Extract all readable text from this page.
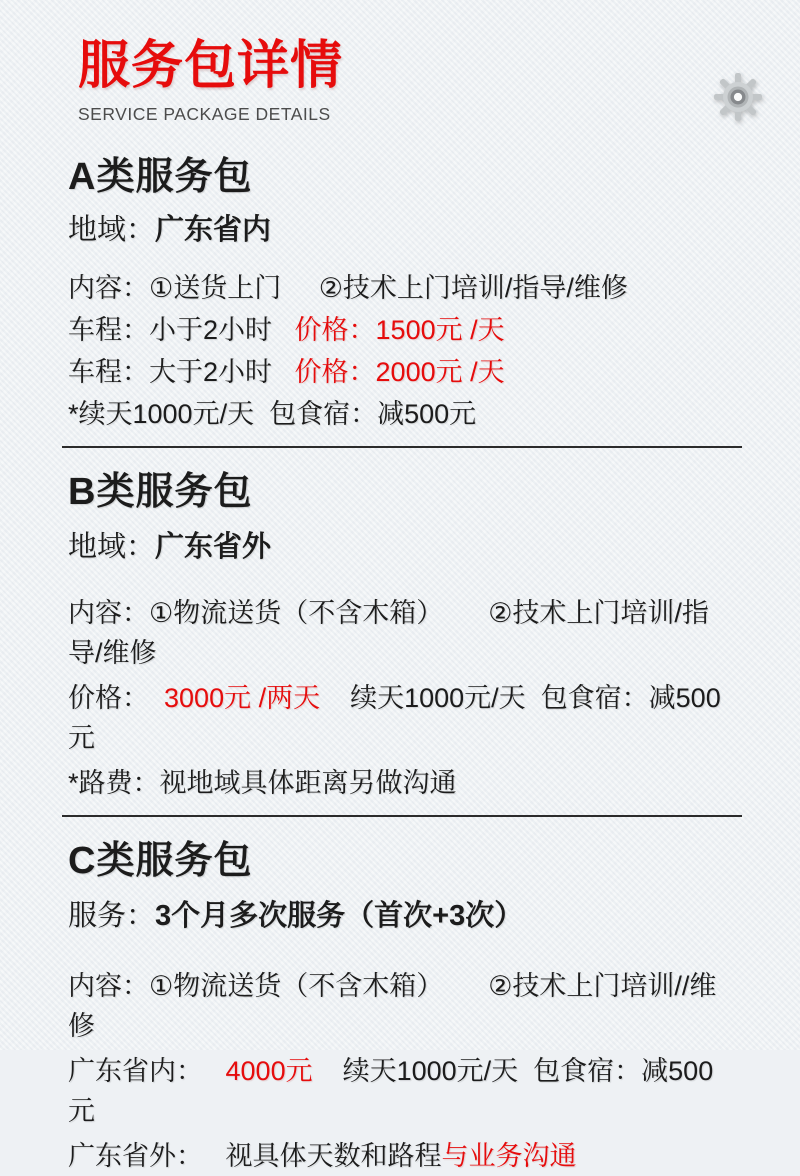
服务包详情
SERVICE PACKAGE DETAILS
A类服务包

地域：广东省内

内容：①送货上门     ②技术上门培训/指导/维修

车程：小于2小时   价格：1500元 /天

车程：大于2小时   价格：2000元 /天

*续天1000元/天  包食宿：减500元

B类服务包

地域：广东省外

内容：①物流送货（不含木箱）      ②技术上门培训/指导/维修

价格：  3000元 /两天    续天1000元/天  包食宿：减500元

*路费：视地域具体距离另做沟通

C类服务包

服务：3个月多次服务（首次+3次）

内容：①物流送货（不含木箱）      ②技术上门培训//维修

广东省内：   4000元    续天1000元/天  包食宿：减500元

广东省外：   视具体天数和路程与业务沟通
